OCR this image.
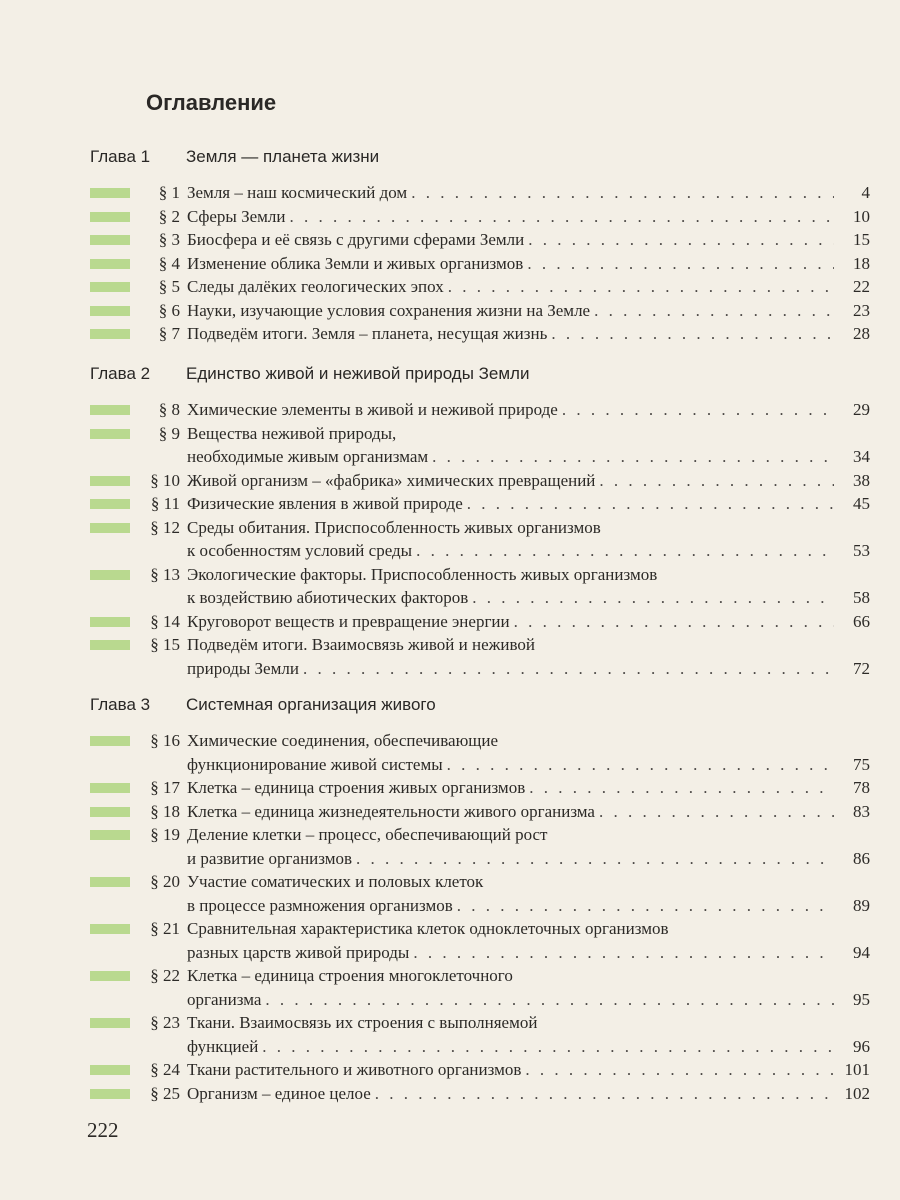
Оглавление
Глава 1	Земля — планета жизни
§ 1 Земля – наш космический дом . . .	4
§ 2 Сферы Земли . . .	10
§ 3 Биосфера и её связь с другими сферами Земли . . .	15
§ 4 Изменение облика Земли и живых организмов . . .	18
§ 5 Следы далёких геологических эпох . . .	22
§ 6 Науки, изучающие условия сохранения жизни на Земле . . .	23
§ 7 Подведём итоги. Земля – планета, несущая жизнь . . .	28
Глава 2	Единство живой и неживой природы Земли
§ 8 Химические элементы в живой и неживой природе . . .	29
§ 9 Вещества неживой природы,
необходимые живым организмам . . .	34
§ 10 Живой организм – «фабрика» химических превращений . . .	38
§ 11 Физические явления в живой природе . . .	45
§ 12 Среды обитания. Приспособленность живых организмов
к особенностям условий среды . . .	53
§ 13 Экологические факторы. Приспособленность живых организмов
к воздействию абиотических факторов . . .	58
§ 14 Круговорот веществ и превращение энергии . . .	66
§ 15 Подведём итоги. Взаимосвязь живой и неживой
природы Земли . . .	72
Глава 3	Системная организация живого
§ 16 Химические соединения, обеспечивающие
функционирование живой системы . . .	75
§ 17 Клетка – единица строения живых организмов . . .	78
§ 18 Клетка – единица жизнедеятельности живого организма . . .	83
§ 19 Деление клетки – процесс, обеспечивающий рост
и развитие организмов . . .	86
§ 20 Участие соматических и половых клеток
в процессе размножения организмов . . .	89
§ 21 Сравнительная характеристика клеток одноклеточных организмов
разных царств живой природы . . .	94
§ 22 Клетка – единица строения многоклеточного
организма . . .	95
§ 23 Ткани. Взаимосвязь их строения с выполняемой
функцией . . .	96
§ 24 Ткани растительного и животного организмов . . .	101
§ 25 Организм – единое целое . . .	102
222
